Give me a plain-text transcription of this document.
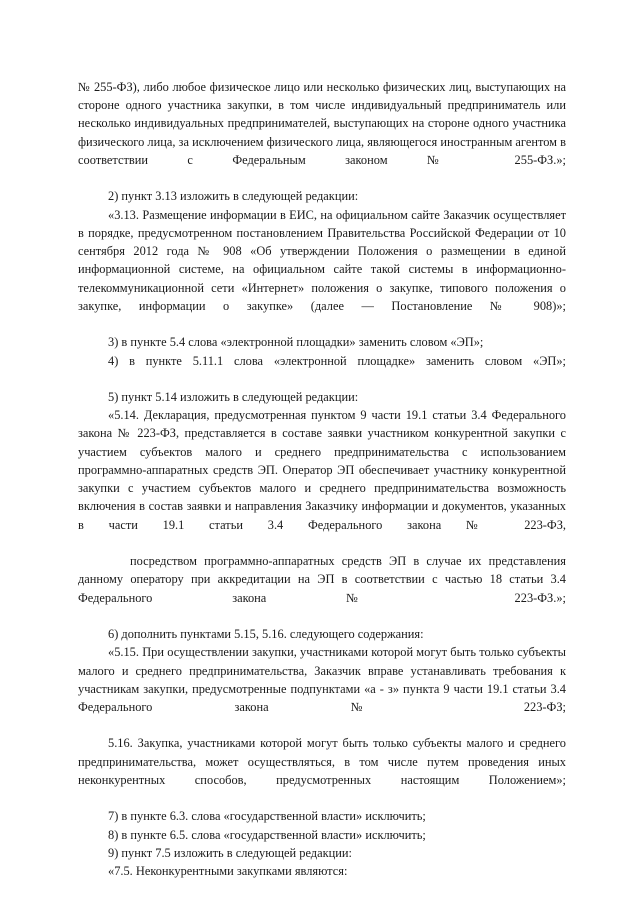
№ 255-ФЗ), либо любое физическое лицо или несколько физических лиц, выступающих на стороне одного участника закупки, в том числе индивидуальный предприниматель или несколько индивидуальных предпринимателей, выступающих на стороне одного участника физического лица, за исключением физического лица, являющегося иностранным агентом в соответствии с Федеральным законом № 255-ФЗ.»;

2) пункт 3.13 изложить в следующей редакции:

«3.13. Размещение информации в ЕИС, на официальном сайте Заказчик осуществляет в порядке, предусмотренном постановлением Правительства Российской Федерации от 10 сентября 2012 года № 908 «Об утверждении Положения о размещении в единой информационной системе, на официальном сайте такой системы в информационно-телекоммуникационной сети «Интернет» положения о закупке, типового положения о закупке, информации о закупке» (далее — Постановление № 908)»;

3) в пункте 5.4 слова «электронной площадки» заменить словом «ЭП»;

4) в пункте 5.11.1 слова «электронной площадке» заменить словом «ЭП»;

5) пункт 5.14 изложить в следующей редакции:

«5.14. Декларация, предусмотренная пунктом 9 части 19.1 статьи 3.4 Федерального закона № 223-ФЗ, представляется в составе заявки участником конкурентной закупки с участием субъектов малого и среднего предпринимательства с использованием программно-аппаратных средств ЭП. Оператор ЭП обеспечивает участнику конкурентной закупки с участием субъектов малого и среднего предпринимательства возможность включения в состав заявки и направления Заказчику информации и документов, указанных в части 19.1 статьи 3.4 Федерального закона № 223-ФЗ,

посредством программно-аппаратных средств ЭП в случае их представления данному оператору при аккредитации на ЭП в соответствии с частью 18 статьи 3.4 Федерального закона № 223-ФЗ.»;

6) дополнить пунктами 5.15, 5.16. следующего содержания:

«5.15. При осуществлении закупки, участниками которой могут быть только субъекты малого и среднего предпринимательства, Заказчик вправе устанавливать требования к участникам закупки, предусмотренные подпунктами «а - з» пункта 9 части 19.1 статьи 3.4 Федерального закона № 223-ФЗ;

5.16. Закупка, участниками которой могут быть только субъекты малого и среднего предпринимательства, может осуществляться, в том числе путем проведения иных неконкурентных способов, предусмотренных настоящим Положением»;

7) в пункте 6.3. слова «государственной власти» исключить;

8) в пункте 6.5. слова «государственной власти» исключить;

9) пункт 7.5 изложить в следующей редакции:

«7.5. Неконкурентными закупками являются:
